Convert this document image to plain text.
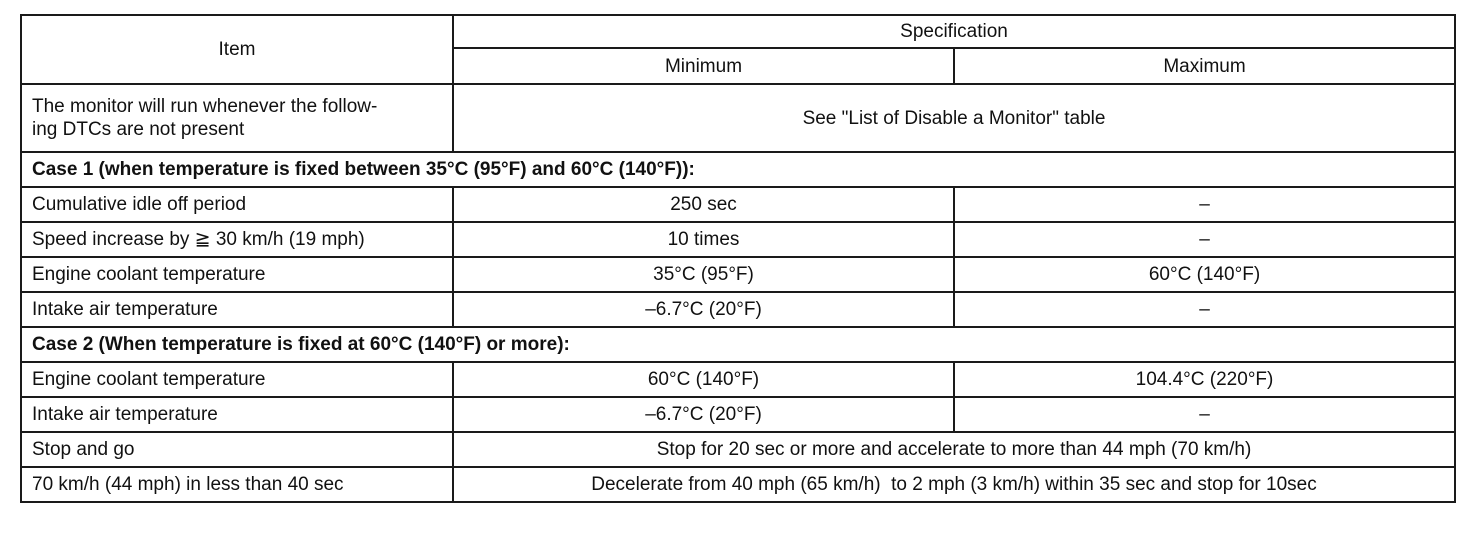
Item	Specification	
	Minimum	Maximum

The monitor will run whenever the follow-
ing DTCs are not present	See "List of Disable a Monitor" table	
Case 1 (when temperature is fixed between 35°C (95°F) and 60°C (140°F)):		
Cumulative idle off period	250 sec	–
Speed increase by ≧ 30 km/h (19 mph)	10 times	–
Engine coolant temperature	35°C (95°F)	60°C (140°F)
Intake air temperature	–6.7°C (20°F)	–
Case 2 (When temperature is fixed at 60°C (140°F) or more):		
Engine coolant temperature	60°C (140°F)	104.4°C (220°F)
Intake air temperature	–6.7°C (20°F)	–
Stop and go	Stop for 20 sec or more and accelerate to more than 44 mph (70 km/h)	
70 km/h (44 mph) in less than 40 sec	Decelerate from 40 mph (65 km/h)  to 2 mph (3 km/h) within 35 sec and stop for 10sec	
